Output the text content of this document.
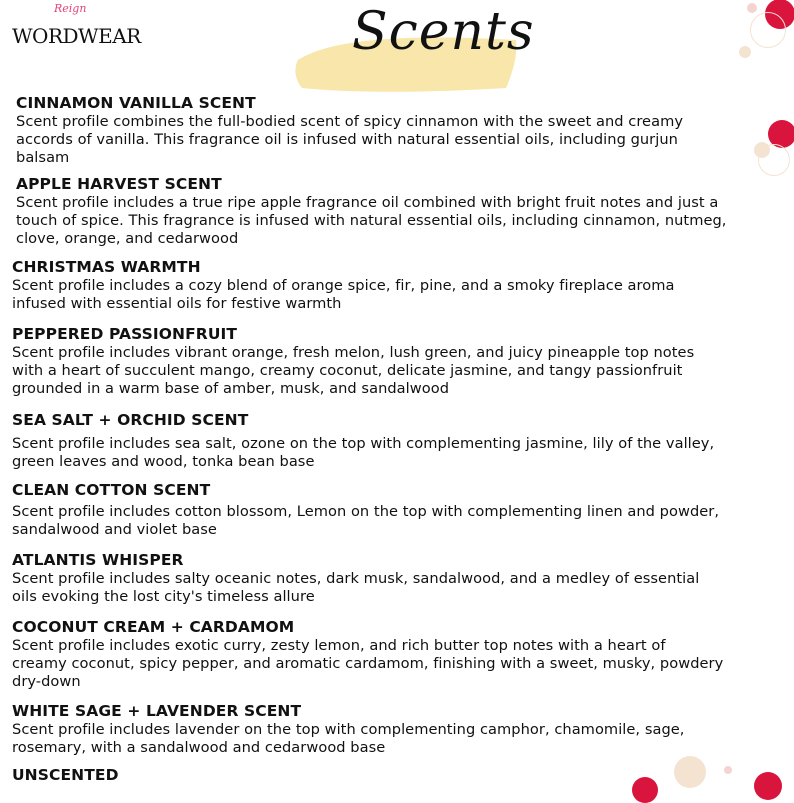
Reign
WORDWEAR	Scents
CINNAMON VANILLA SCENT
Scent profile combines the full-bodied scent of spicy cinnamon with the sweet and creamy
accords of vanilla. This fragrance oil is infused with natural essential oils, including gurjun
balsam
APPLE HARVEST SCENT
Scent profile includes a true ripe apple fragrance oil combined with bright fruit notes and just a
touch of spice. This fragrance is infused with natural essential oils, including cinnamon, nutmeg,
clove, orange, and cedarwood
CHRISTMAS WARMTH
Scent profile includes a cozy blend of orange spice, fir, pine, and a smoky fireplace aroma
infused with essential oils for festive warmth
PEPPERED PASSIONFRUIT
Scent profile includes vibrant orange, fresh melon, lush green, and juicy pineapple top notes
with a heart of succulent mango, creamy coconut, delicate jasmine, and tangy passionfruit
grounded in a warm base of amber, musk, and sandalwood
SEA SALT + ORCHID SCENT
Scent profile includes sea salt, ozone on the top with complementing jasmine, lily of the valley,
green leaves and wood, tonka bean base
CLEAN COTTON SCENT
Scent profile includes cotton blossom, Lemon on the top with complementing linen and powder,
sandalwood and violet base
ATLANTIS WHISPER
Scent profile includes salty oceanic notes, dark musk, sandalwood, and a medley of essential
oils evoking the lost city's timeless allure
COCONUT CREAM + CARDAMOM
Scent profile includes exotic curry, zesty lemon, and rich butter top notes with a heart of
creamy coconut, spicy pepper, and aromatic cardamom, finishing with a sweet, musky, powdery
dry-down
WHITE SAGE + LAVENDER SCENT
Scent profile includes lavender on the top with complementing camphor, chamomile, sage,
rosemary, with a sandalwood and cedarwood base
UNSCENTED
